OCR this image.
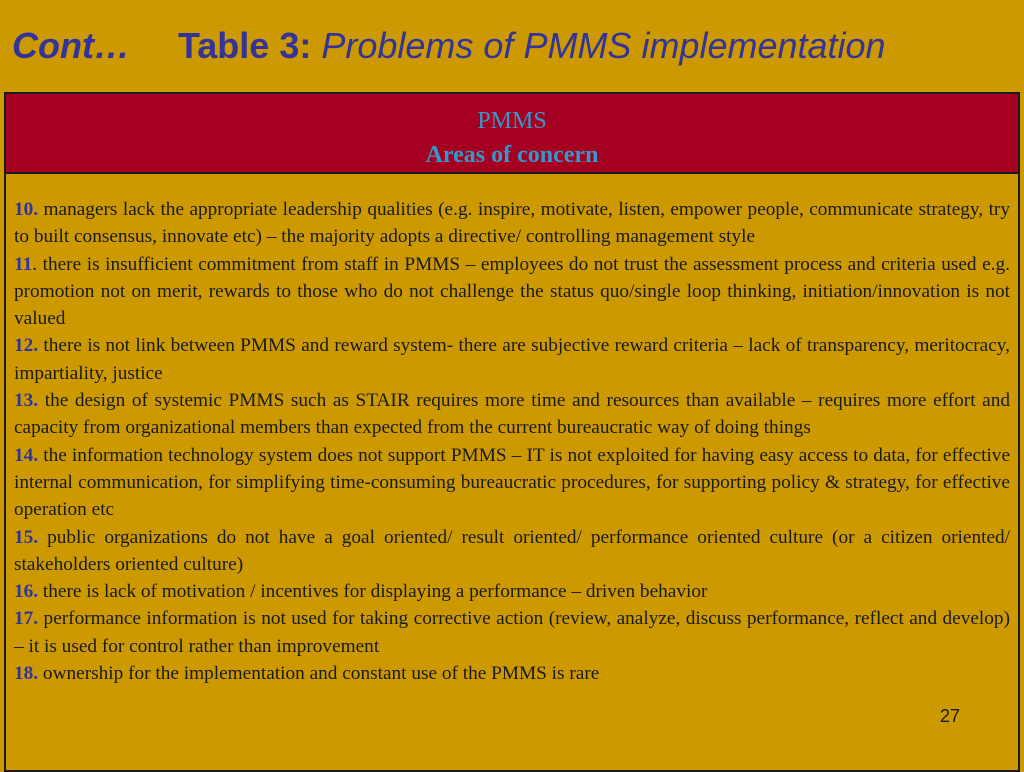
Cont… Table 3: Problems of PMMS implementation
PMMS
Areas of concern

10. managers lack the appropriate leadership qualities (e.g. inspire, motivate, listen, empower people, communicate strategy, try to built consensus, innovate etc) – the majority adopts a directive/ controlling management style

11. there is insufficient commitment from staff in PMMS – employees do not trust the assessment process and criteria used e.g. promotion not on merit, rewards to those who do not challenge the status quo/single loop thinking, initiation/innovation is not valued

12. there is not link between PMMS and reward system- there are subjective reward criteria – lack of transparency, meritocracy, impartiality, justice

13. the design of systemic PMMS such as STAIR requires more time and resources than available – requires more effort and capacity from organizational members than expected from the current bureaucratic way of doing things

14. the information technology system does not support PMMS – IT is not exploited for having easy access to data, for effective internal communication, for simplifying time-consuming bureaucratic procedures, for supporting policy & strategy, for effective operation etc

15. public organizations do not have a goal oriented/ result oriented/ performance oriented culture (or a citizen oriented/ stakeholders oriented culture)

16. there is lack of motivation / incentives for displaying a performance – driven behavior

17. performance information is not used for taking corrective action (review, analyze, discuss performance, reflect and develop) – it is used for control rather than improvement

18. ownership for the implementation and constant use of the PMMS is rare

27
